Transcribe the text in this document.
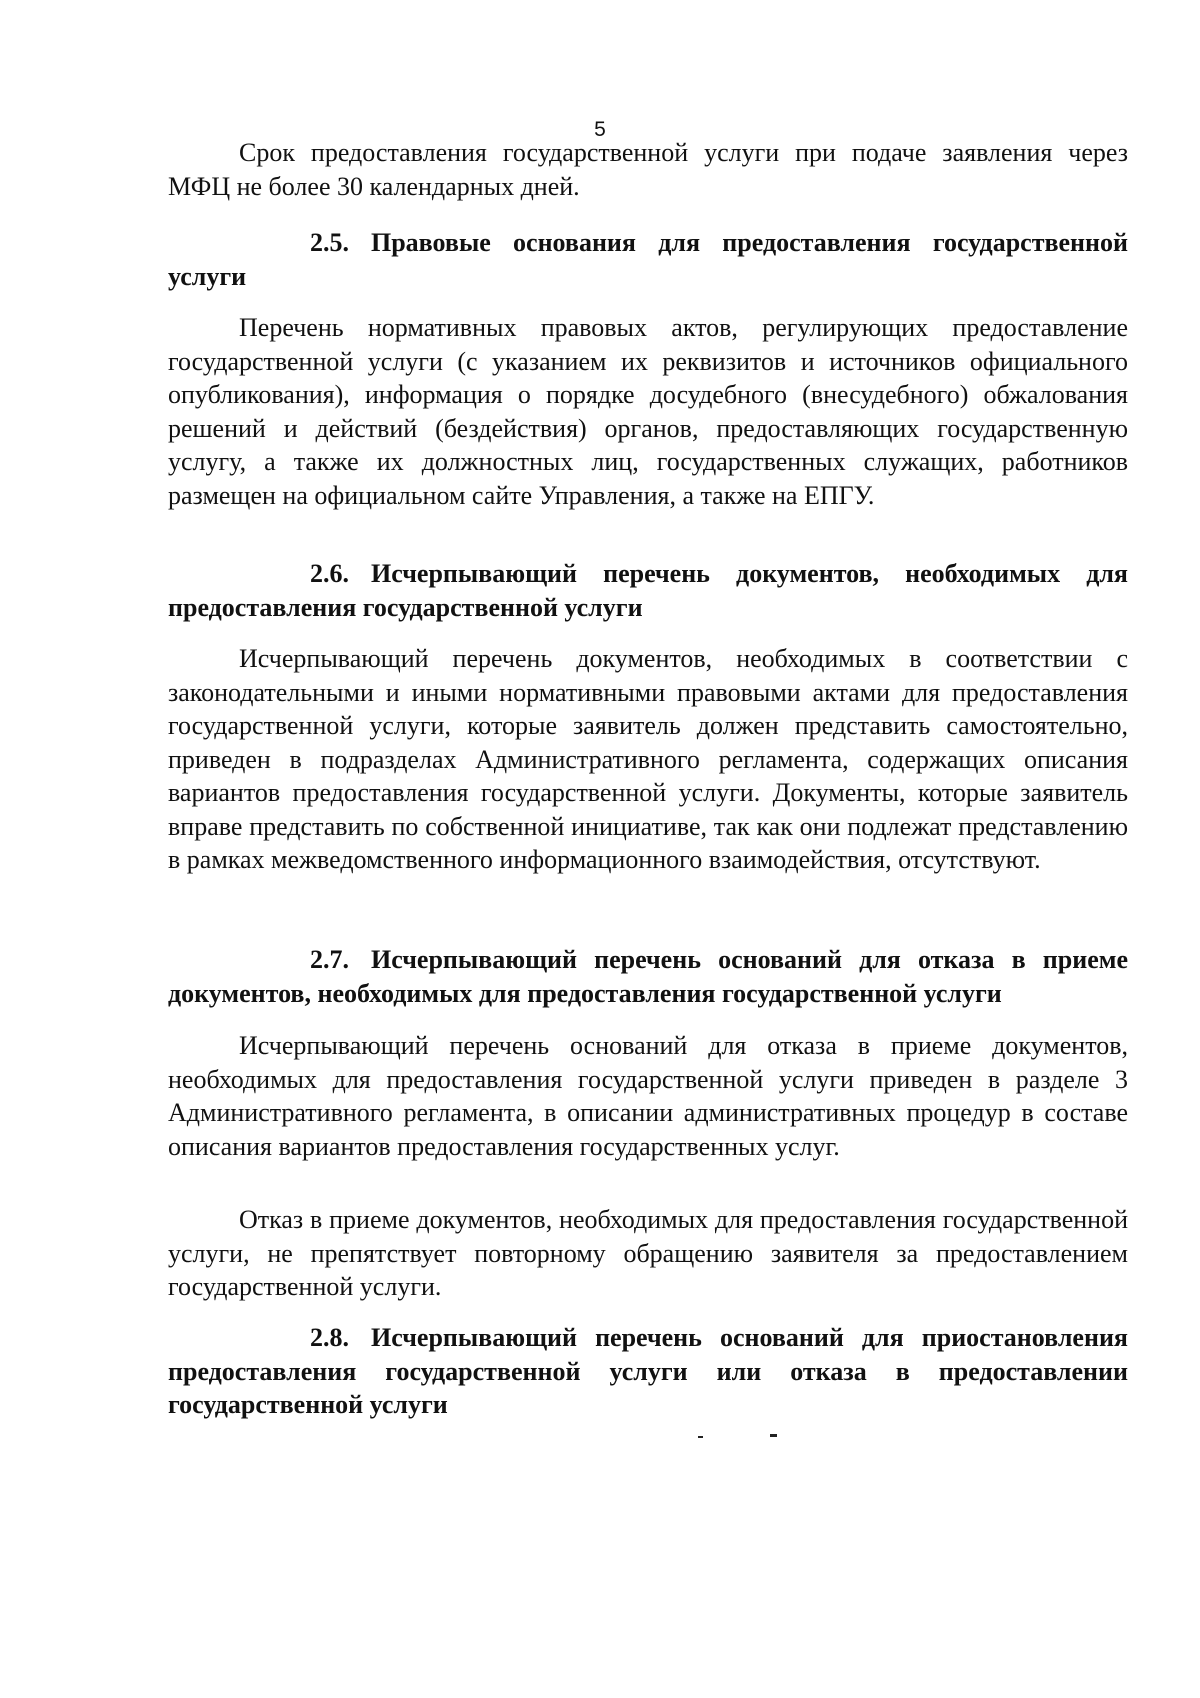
5

Срок предоставления государственной услуги при подаче заявления через МФЦ не более 30 календарных дней.

2.5. Правовые основания для предоставления государственной услуги

Перечень нормативных правовых актов, регулирующих предоставление государственной услуги (с указанием их реквизитов и источников официального опубликования), информация о порядке досудебного (внесудебного) обжалования решений и действий (бездействия) органов, предоставляющих государственную услугу, а также их должностных лиц, государственных служащих, работников размещен на официальном сайте Управления, а также на ЕПГУ.

2.6. Исчерпывающий перечень документов, необходимых для предоставления государственной услуги

Исчерпывающий перечень документов, необходимых в соответствии с законодательными и иными нормативными правовыми актами для предоставления государственной услуги, которые заявитель должен представить самостоятельно, приведен в подразделах Административного регламента, содержащих описания вариантов предоставления государственной услуги. Документы, которые заявитель вправе представить по собственной инициативе, так как они подлежат представлению в рамках межведомственного информационного взаимодействия, отсутствуют.

2.7. Исчерпывающий перечень оснований для отказа в приеме документов, необходимых для предоставления государственной услуги

Исчерпывающий перечень оснований для отказа в приеме документов, необходимых для предоставления государственной услуги приведен в разделе 3 Административного регламента, в описании административных процедур в составе описания вариантов предоставления государственных услуг.

Отказ в приеме документов, необходимых для предоставления государственной услуги, не препятствует повторному обращению заявителя за предоставлением государственной услуги.

2.8. Исчерпывающий перечень оснований для приостановления предоставления государственной услуги или отказа в предоставлении государственной услуги
